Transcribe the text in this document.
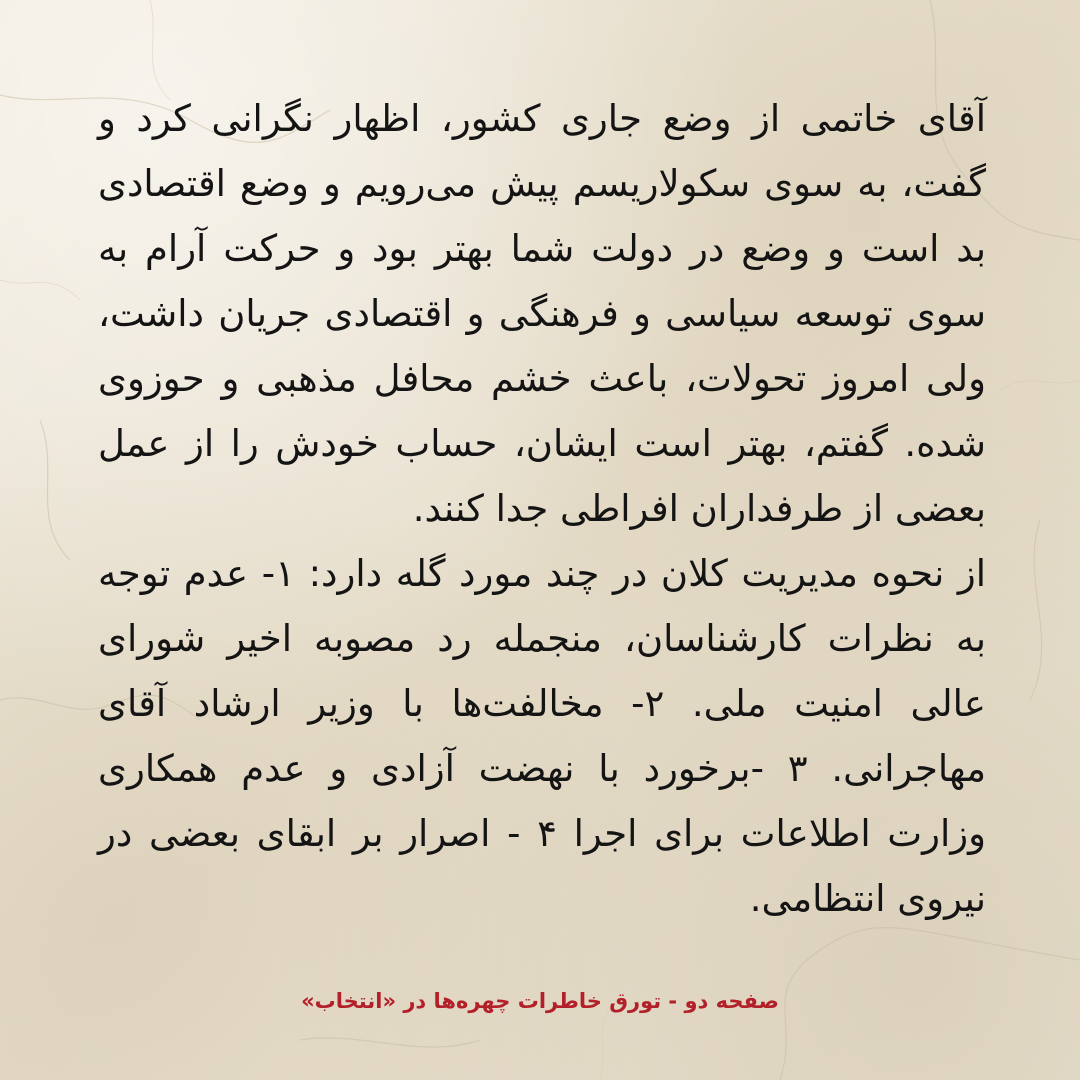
آقای خاتمی از وضع جاری کشور، اظهار نگرانی کرد و گفت، به سوی سکولاریسم پیش می‌رویم و وضع اقتصادی بد است و وضع در دولت شما بهتر بود و حرکت آرام به سوی توسعه سیاسی و فرهنگی و اقتصادی جریان داشت، ولی امروز تحولات، باعث خشم محافل مذهبی و حوزوی شده. گفتم، بهتر است ایشان، حساب خودش را از عمل بعضی از طرفداران افراطی جدا کنند.

از نحوه مدیریت کلان در چند مورد گله دارد: ۱- عدم توجه به نظرات کارشناسان، منجمله رد مصوبه اخیر شورای عالی امنیت ملی. ۲- مخالفت‌ها با وزیر ارشاد آقای مهاجرانی. ۳ -برخورد با نهضت آزادی و عدم همکاری وزارت اطلاعات برای اجرا ۴ - اصرار بر ابقای بعضی در نیروی انتظامی.

صفحه دو - تورق خاطرات چهره‌ها در «انتخاب»
